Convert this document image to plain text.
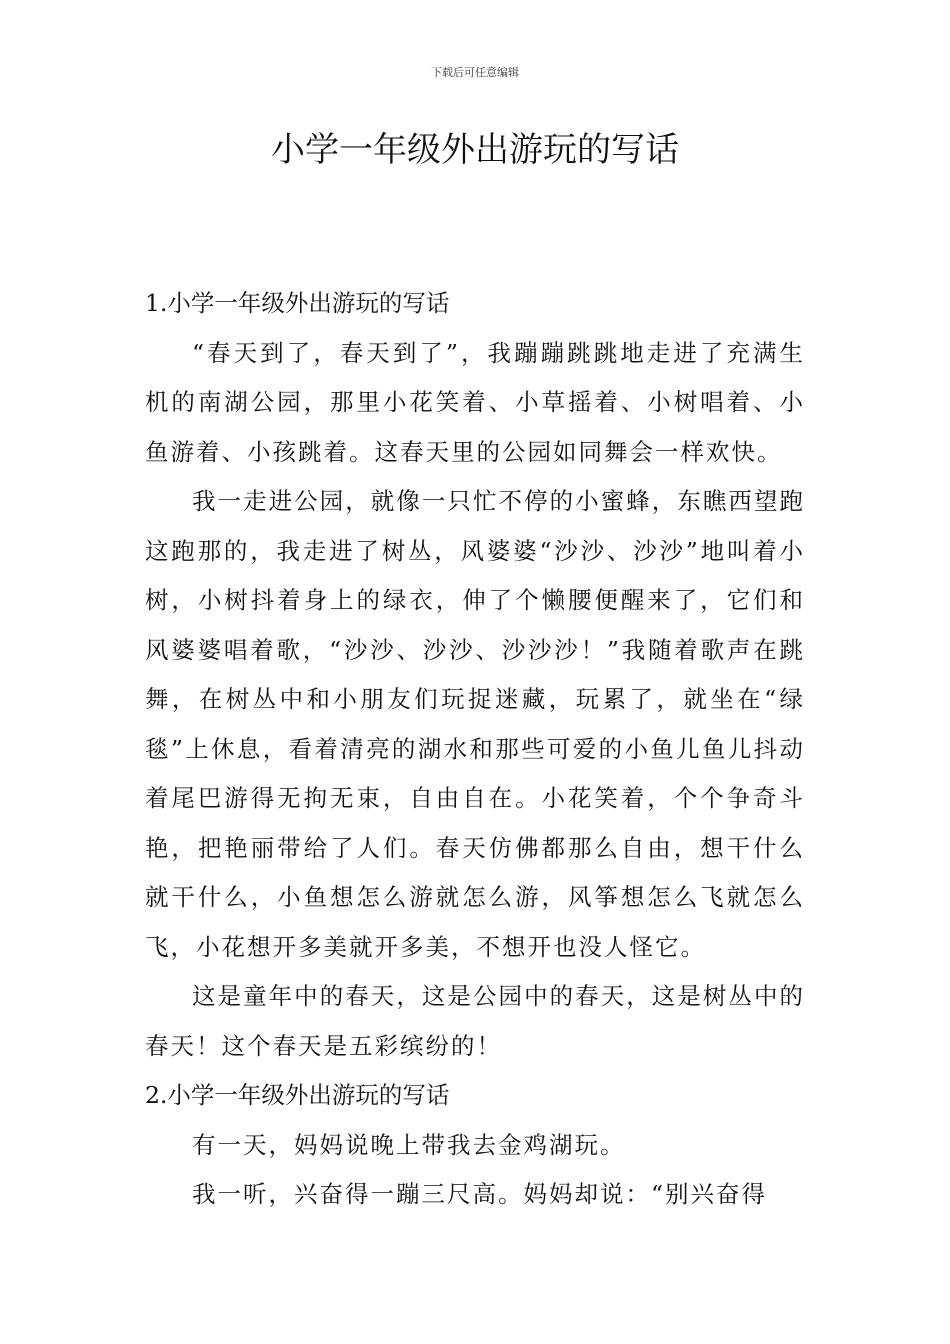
下载后可任意编辑
小学一年级外出游玩的写话
1.小学一年级外出游玩的写话

“春天到了，春天到了”，我蹦蹦跳跳地走进了充满生机的南湖公园，那里小花笑着、小草摇着、小树唱着、小鱼游着、小孩跳着。这春天里的公园如同舞会一样欢快。

我一走进公园，就像一只忙不停的小蜜蜂，东瞧西望跑这跑那的，我走进了树丛，风婆婆“沙沙、沙沙”地叫着小树，小树抖着身上的绿衣，伸了个懒腰便醒来了，它们和风婆婆唱着歌，“沙沙、沙沙、沙沙沙！”我随着歌声在跳舞，在树丛中和小朋友们玩捉迷藏，玩累了，就坐在“绿毯”上休息，看着清亮的湖水和那些可爱的小鱼儿鱼儿抖动着尾巴游得无拘无束，自由自在。小花笑着，个个争奇斗艳，把艳丽带给了人们。春天仿佛都那么自由，想干什么就干什么，小鱼想怎么游就怎么游，风筝想怎么飞就怎么飞，小花想开多美就开多美，不想开也没人怪它。

这是童年中的春天，这是公园中的春天，这是树丛中的春天！这个春天是五彩缤纷的！

2.小学一年级外出游玩的写话

有一天，妈妈说晚上带我去金鸡湖玩。

我一听，兴奋得一蹦三尺高。妈妈却说：“别兴奋得
